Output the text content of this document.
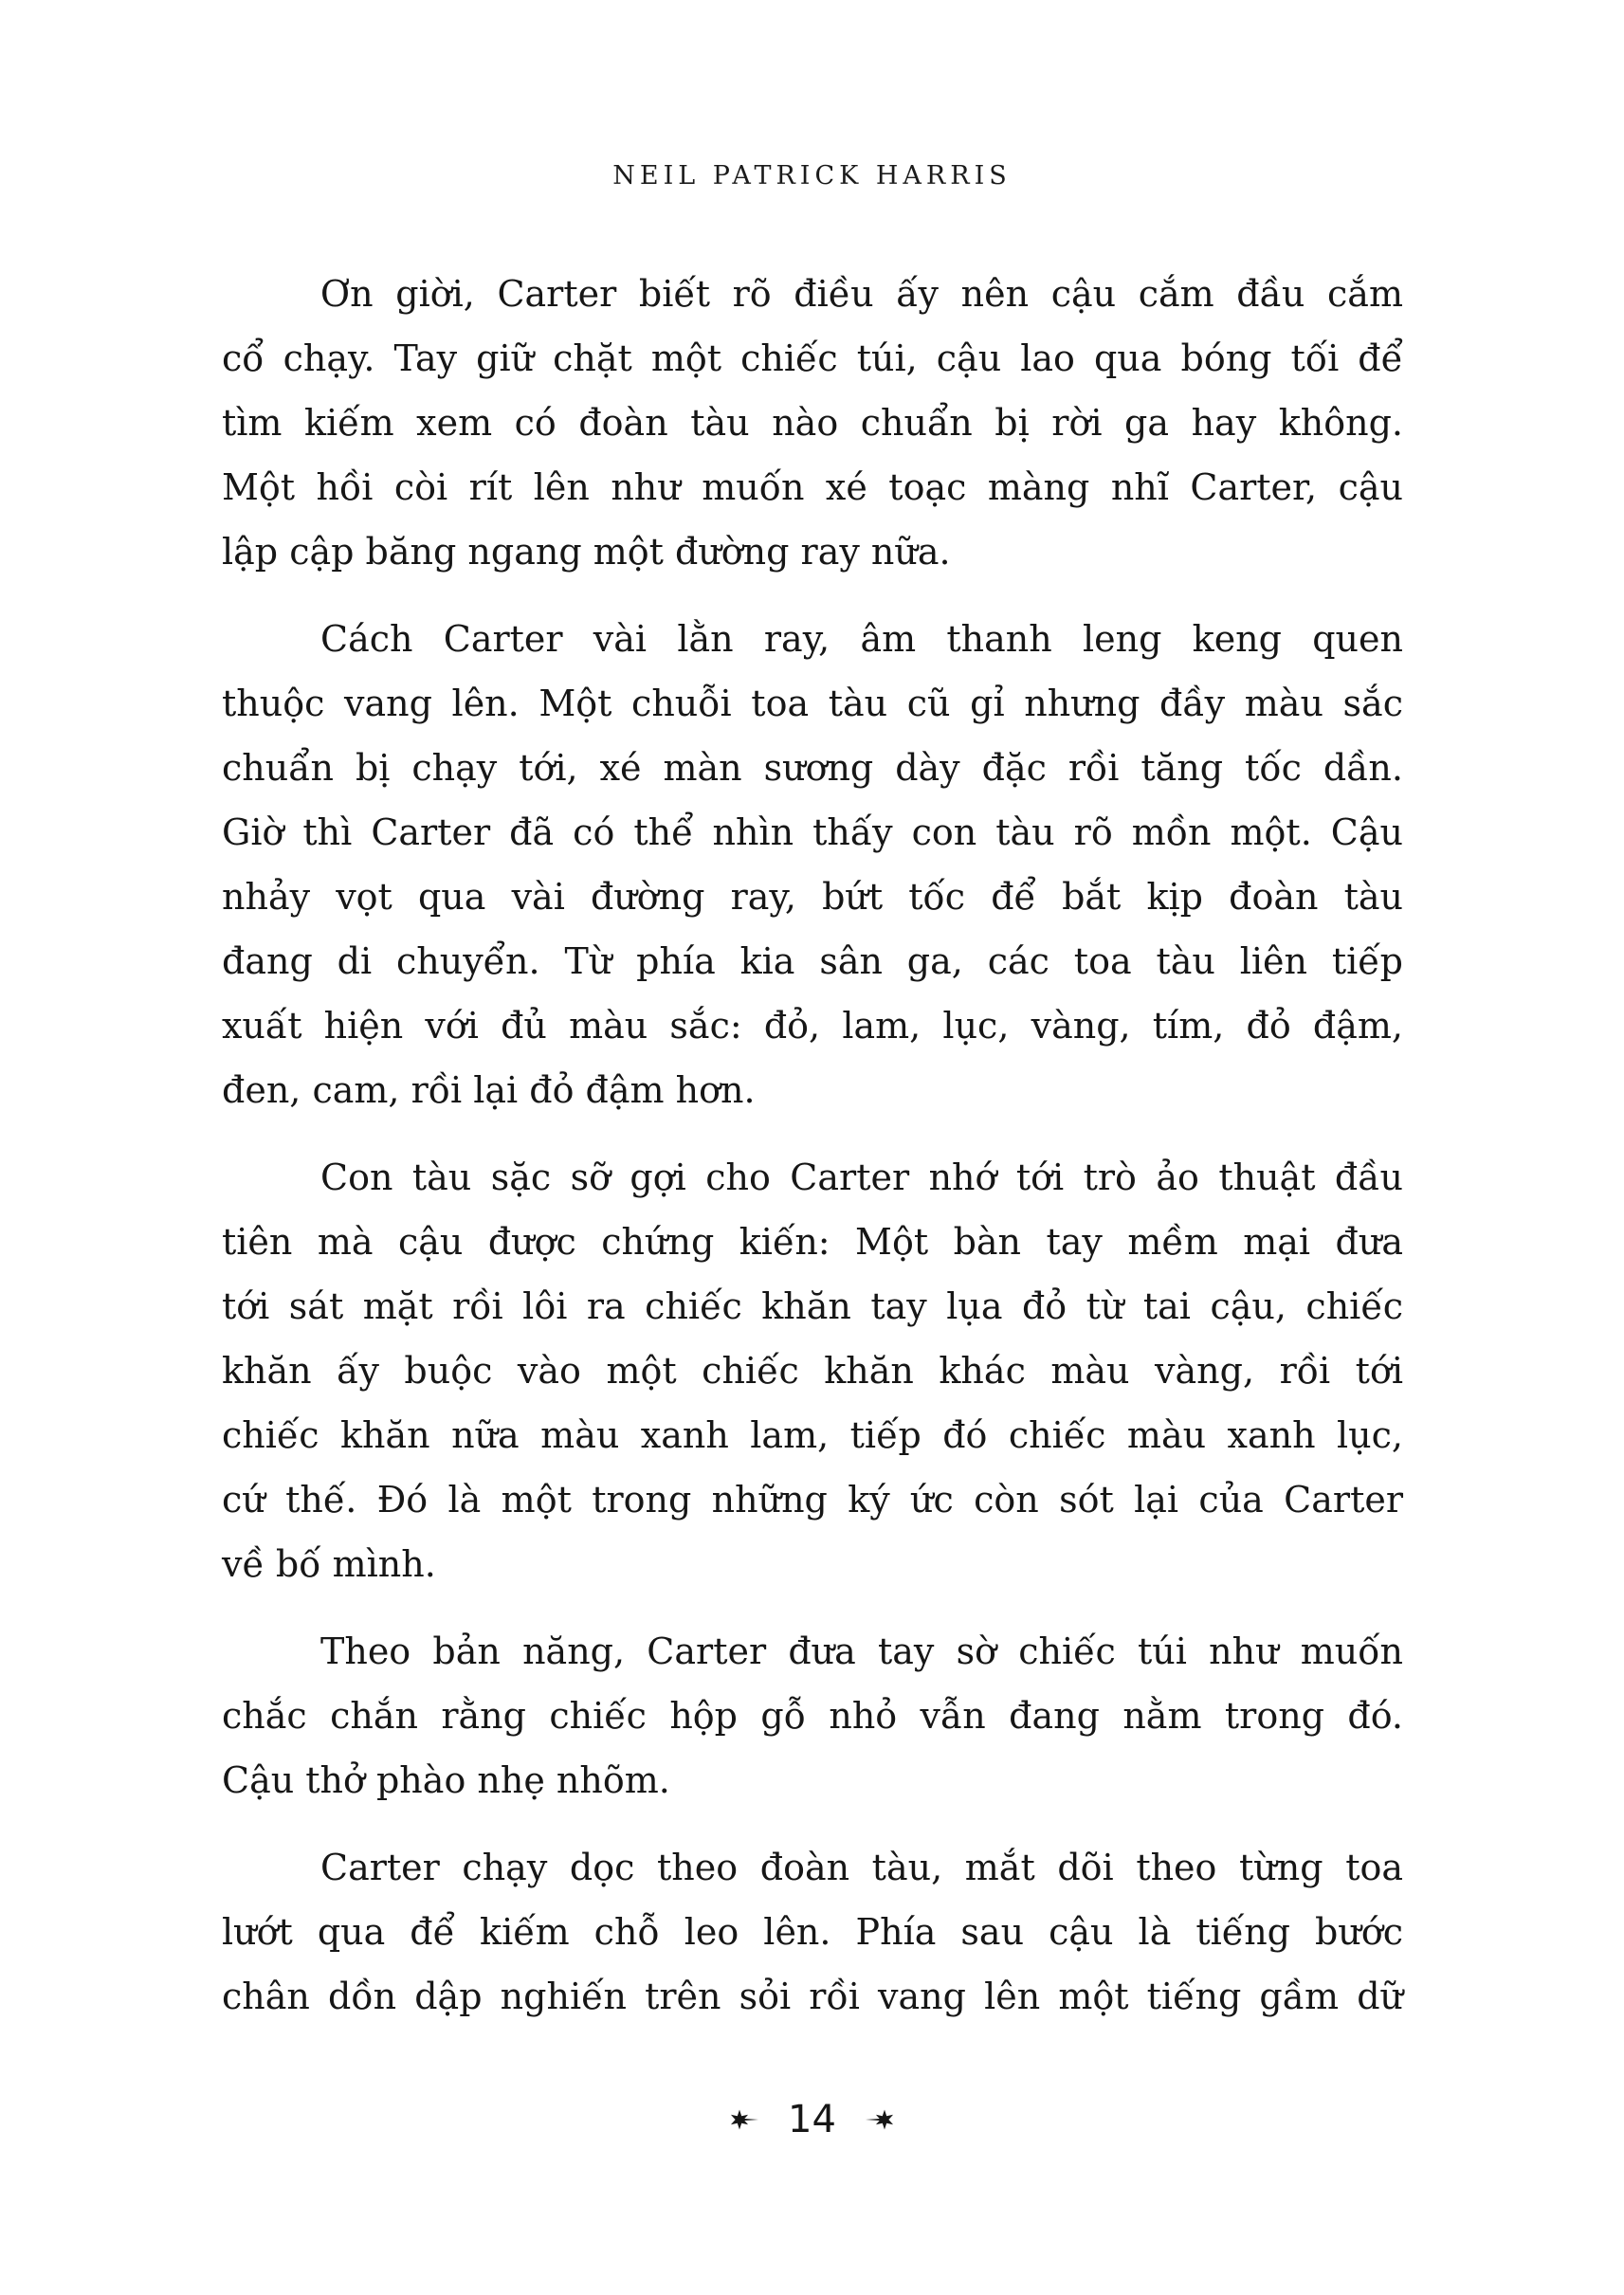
NEIL PATRICK HARRIS
Ơn giời, Carter biết rõ điều ấy nên cậu cắm đầu cắm
cổ chạy. Tay giữ chặt một chiếc túi, cậu lao qua bóng tối để
tìm kiếm xem có đoàn tàu nào chuẩn bị rời ga hay không.
Một hồi còi rít lên như muốn xé toạc màng nhĩ Carter, cậu
lập cập băng ngang một đường ray nữa.
Cách Carter vài lằn ray, âm thanh leng keng quen
thuộc vang lên. Một chuỗi toa tàu cũ gỉ nhưng đầy màu sắc
chuẩn bị chạy tới, xé màn sương dày đặc rồi tăng tốc dần.
Giờ thì Carter đã có thể nhìn thấy con tàu rõ mồn một. Cậu
nhảy vọt qua vài đường ray, bứt tốc để bắt kịp đoàn tàu
đang di chuyển. Từ phía kia sân ga, các toa tàu liên tiếp
xuất hiện với đủ màu sắc: đỏ, lam, lục, vàng, tím, đỏ đậm,
đen, cam, rồi lại đỏ đậm hơn.
Con tàu sặc sỡ gợi cho Carter nhớ tới trò ảo thuật đầu
tiên mà cậu được chứng kiến: Một bàn tay mềm mại đưa
tới sát mặt rồi lôi ra chiếc khăn tay lụa đỏ từ tai cậu, chiếc
khăn ấy buộc vào một chiếc khăn khác màu vàng, rồi tới
chiếc khăn nữa màu xanh lam, tiếp đó chiếc màu xanh lục,
cứ thế. Đó là một trong những ký ức còn sót lại của Carter
về bố mình.
Theo bản năng, Carter đưa tay sờ chiếc túi như muốn
chắc chắn rằng chiếc hộp gỗ nhỏ vẫn đang nằm trong đó.
Cậu thở phào nhẹ nhõm.
Carter chạy dọc theo đoàn tàu, mắt dõi theo từng toa
lướt qua để kiếm chỗ leo lên. Phía sau cậu là tiếng bước
chân dồn dập nghiến trên sỏi rồi vang lên một tiếng gầm dữ
14
